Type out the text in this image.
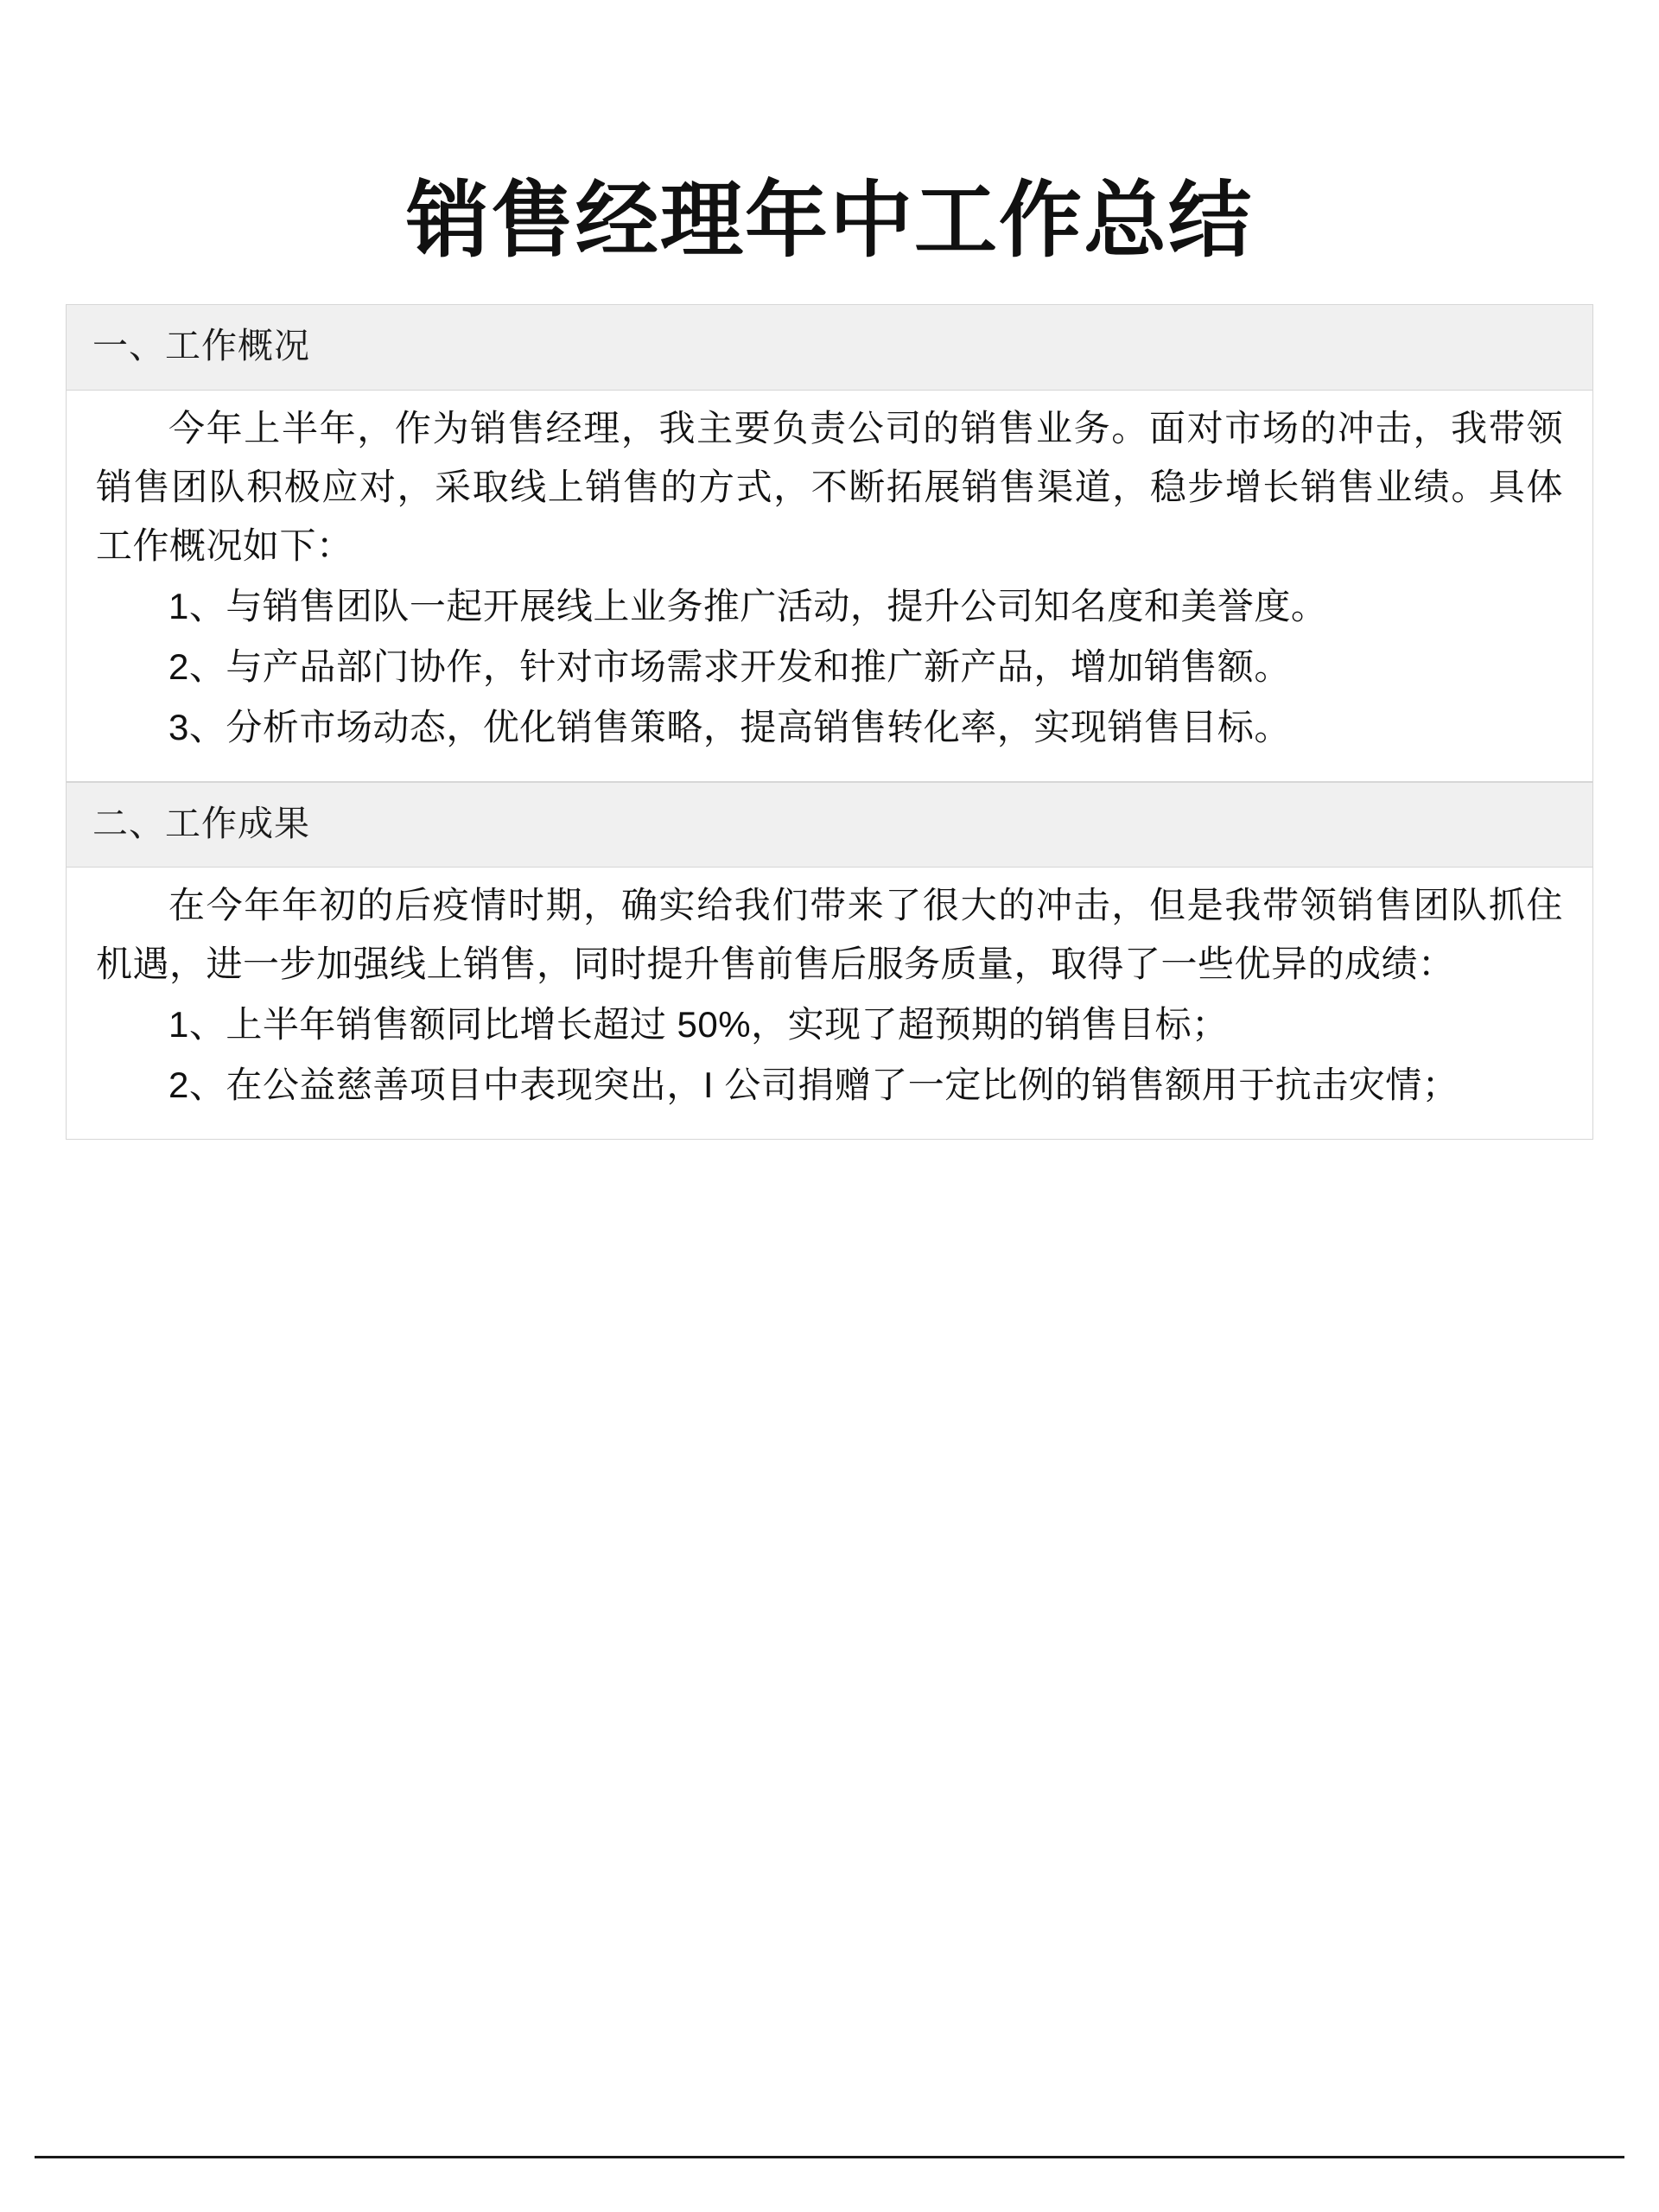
销售经理年中工作总结
一、工作概况

今年上半年，作为销售经理，我主要负责公司的销售业务。面对市场的冲击，我带领销售团队积极应对，采取线上销售的方式，不断拓展销售渠道，稳步增长销售业绩。具体工作概况如下：

1、与销售团队一起开展线上业务推广活动，提升公司知名度和美誉度。

2、与产品部门协作，针对市场需求开发和推广新产品，增加销售额。

3、分析市场动态，优化销售策略，提高销售转化率，实现销售目标。

二、工作成果

在今年年初的后疫情时期，确实给我们带来了很大的冲击，但是我带领销售团队抓住机遇，进一步加强线上销售，同时提升售前售后服务质量，取得了一些优异的成绩：

1、上半年销售额同比增长超过 50%，实现了超预期的销售目标；

2、在公益慈善项目中表现突出，I 公司捐赠了一定比例的销售额用于抗击灾情；
